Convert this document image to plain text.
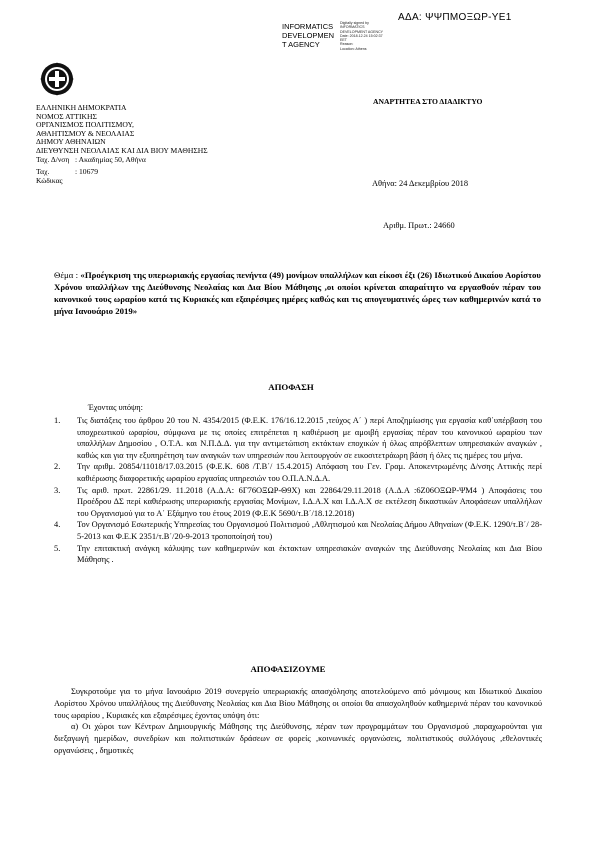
ΑΔΑ: ΨΨΠΜΟΞΩΡ-ΥΕ1
INFORMATICS
DEVELOPMEN
T AGENCY
Digitally signed by
INFORMATICS
DEVELOPMENT AGENCY
Date: 2018.12.24 15:02:37
EET
Reason:
Location: Athens
ΕΛΛΗΝΙΚΗ ΔΗΜΟΚΡΑΤΙΑ
ΝΟΜΟΣ ΑΤΤΙΚΗΣ
ΟΡΓΑΝΙΣΜΟΣ ΠΟΛΙΤΙΣΜΟΥ,
ΑΘΛΗΤΙΣΜΟΥ & ΝΕΟΛΑΙΑΣ
ΔΗΜΟΥ ΑΘΗΝΑΙΩΝ
ΔΙΕΥΘΥΝΣΗ ΝΕΟΛΑΙΑΣ ΚΑΙ ΔΙΑ ΒΙΟΥ ΜΑΘΗΣΗΣ
Ταχ. Δ/νση : Ακαδημίας 50, Αθήνα
Ταχ. Κώδικας
: 10679
ΑΝΑΡΤΗΤΕΑ ΣΤΟ ΔΙΑΔΙΚΤΥΟ
Αθήνα: 24 Δεκεμβρίου 2018
Αριθμ. Πρωτ.: 24660
Θέμα : «Προέγκριση της υπερωριακής εργασίας πενήντα (49) μονίμων υπαλλήλων και είκοσι έξι (26) Ιδιωτικού Δικαίου Αορίστου Χρόνου υπαλλήλων της Διεύθυνσης Νεολαίας και Δια Βίου Μάθησης ,οι οποίοι κρίνεται απαραίτητο να εργασθούν πέραν του κανονικού τους ωραρίου κατά τις Κυριακές και εξαιρέσιμες ημέρες καθώς και τις απογευματινές ώρες των καθημερινών κατά το μήνα Ιανουάριο 2019»
ΑΠΟΦΑΣΗ
Έχοντας υπόψη:
1.	Τις διατάξεις του άρθρου 20 του Ν. 4354/2015 (Φ.Ε.Κ. 176/16.12.2015 ,τεύχος Α΄ ) περί Αποζημίωσης για εργασία καθ΄υπέρβαση του υποχρεωτικού ωραρίου, σύμφωνα με τις οποίες επιτρέπεται η καθιέρωση με αμοιβή εργασίας πέραν του κανονικού ωραρίου των υπαλλήλων Δημοσίου , Ο.Τ.Α. και Ν.Π.Δ.Δ. για την αντιμετώπιση εκτάκτων εποχικών ή όλως απρόβλεπτων υπηρεσιακών αναγκών , καθώς και για την εξυπηρέτηση των αναγκών των υπηρεσιών που λειτουργούν σε εικοσιτετράωρη βάση ή όλες τις ημέρες του μήνα.
2.	Την αριθμ. 20854/11018/17.03.2015 (Φ.Ε.Κ. 608 /Τ.Β΄/ 15.4.2015) Απόφαση του Γεν. Γραμ. Αποκεντρωμένης Δ/νσης Αττικής περί καθιέρωσης διαφορετικής ωραρίου εργασίας υπηρεσιών του Ο.Π.Α.Ν.Δ.Α.
3.	Τις αριθ. πρωτ. 22861/29. 11.2018 (Α.Δ.Α: 6Γ76ΟΞΩΡ-Θ9Χ) και 22864/29.11.2018 (Α.Δ.Α :6Ζ06ΟΞΩΡ-ΨΜ4 ) Αποφάσεις του Προέδρου ΔΣ περί καθιέρωσης υπερωριακής εργασίας Μονίμων, Ι.Δ.Α.Χ και Ι.Δ.Α.Χ σε εκτέλεση δικαστικών Αποφάσεων υπαλλήλων του Οργανισμού για το Α΄ Εξάμηνο του έτους 2019 (Φ.Ε.Κ 5690/τ.Β΄/18.12.2018)
4.	Τον Οργανισμό Εσωτερικής Υπηρεσίας του Οργανισμού Πολιτισμού ,Αθλητισμού και Νεολαίας Δήμου Αθηναίων (Φ.Ε.Κ. 1290/τ.Β΄/ 28-5-2013 και Φ.Ε.Κ 2351/τ.Β΄/20-9-2013 τροποποίησή του)
5.	Την επιτακτική ανάγκη κάλυψης των καθημερινών και έκτακτων υπηρεσιακών αναγκών της Διεύθυνσης Νεολαίας και Δια Βίου Μάθησης .
ΑΠΟΦΑΣΙΖΟΥΜΕ
Συγκροτούμε για το μήνα Ιανουάριο 2019 συνεργείο υπερωριακής απασχόλησης αποτελούμενο από μόνιμους και Ιδιωτικού Δικαίου Αορίστου Χρόνου υπαλλήλους της Διεύθυνσης Νεολαίας και Δια Βίου Μάθησης οι οποίοι θα απασχοληθούν καθημερινά πέραν του κανονικού τους ωραρίου , Κυριακές και εξαιρέσιμες έχοντας υπόψη ότι:
α) Οι χώροι των Κέντρων Δημιουργικής Μάθησης της Διεύθυνσης, πέραν των προγραμμάτων του Οργανισμού ,παραχωρούνται για διεξαγωγή ημερίδων, συνεδρίων και πολιτιστικών δράσεων σε φορείς ,κοινωνικές οργανώσεις, πολιτιστικούς συλλόγους ,εθελοντικές οργανώσεις , δημοτικές
